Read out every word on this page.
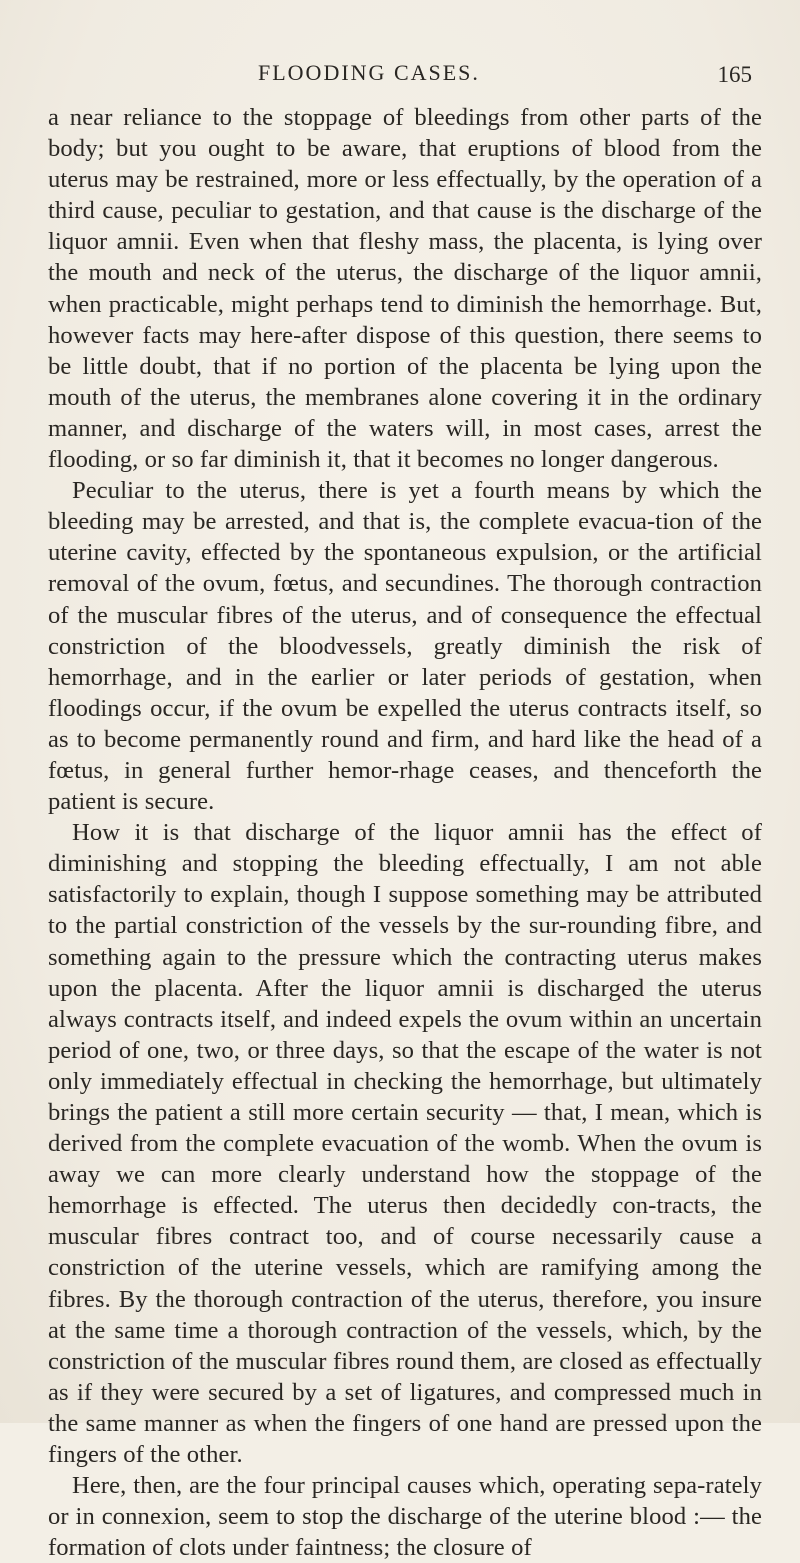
FLOODING CASES.	165

a near reliance to the stoppage of bleedings from other parts of the body; but you ought to be aware, that eruptions of blood from the uterus may be restrained, more or less effectually, by the operation of a third cause, peculiar to gestation, and that cause is the discharge of the liquor amnii. Even when that fleshy mass, the placenta, is lying over the mouth and neck of the uterus, the discharge of the liquor amnii, when practicable, might perhaps tend to diminish the hemorrhage. But, however facts may here-after dispose of this question, there seems to be little doubt, that if no portion of the placenta be lying upon the mouth of the uterus, the membranes alone covering it in the ordinary manner, and discharge of the waters will, in most cases, arrest the flooding, or so far diminish it, that it becomes no longer dangerous.

Peculiar to the uterus, there is yet a fourth means by which the bleeding may be arrested, and that is, the complete evacua-tion of the uterine cavity, effected by the spontaneous expulsion, or the artificial removal of the ovum, fœtus, and secundines. The thorough contraction of the muscular fibres of the uterus, and of consequence the effectual constriction of the bloodvessels, greatly diminish the risk of hemorrhage, and in the earlier or later periods of gestation, when floodings occur, if the ovum be expelled the uterus contracts itself, so as to become permanently round and firm, and hard like the head of a fœtus, in general further hemor-rhage ceases, and thenceforth the patient is secure.

How it is that discharge of the liquor amnii has the effect of diminishing and stopping the bleeding effectually, I am not able satisfactorily to explain, though I suppose something may be attributed to the partial constriction of the vessels by the sur-rounding fibre, and something again to the pressure which the contracting uterus makes upon the placenta. After the liquor amnii is discharged the uterus always contracts itself, and indeed expels the ovum within an uncertain period of one, two, or three days, so that the escape of the water is not only immediately effectual in checking the hemorrhage, but ultimately brings the patient a still more certain security — that, I mean, which is derived from the complete evacuation of the womb. When the ovum is away we can more clearly understand how the stoppage of the hemorrhage is effected. The uterus then decidedly con-tracts, the muscular fibres contract too, and of course necessarily cause a constriction of the uterine vessels, which are ramifying among the fibres. By the thorough contraction of the uterus, therefore, you insure at the same time a thorough contraction of the vessels, which, by the constriction of the muscular fibres round them, are closed as effectually as if they were secured by a set of ligatures, and compressed much in the same manner as when the fingers of one hand are pressed upon the fingers of the other.

Here, then, are the four principal causes which, operating sepa-rately or in connexion, seem to stop the discharge of the uterine blood :— the formation of clots under faintness; the closure of
